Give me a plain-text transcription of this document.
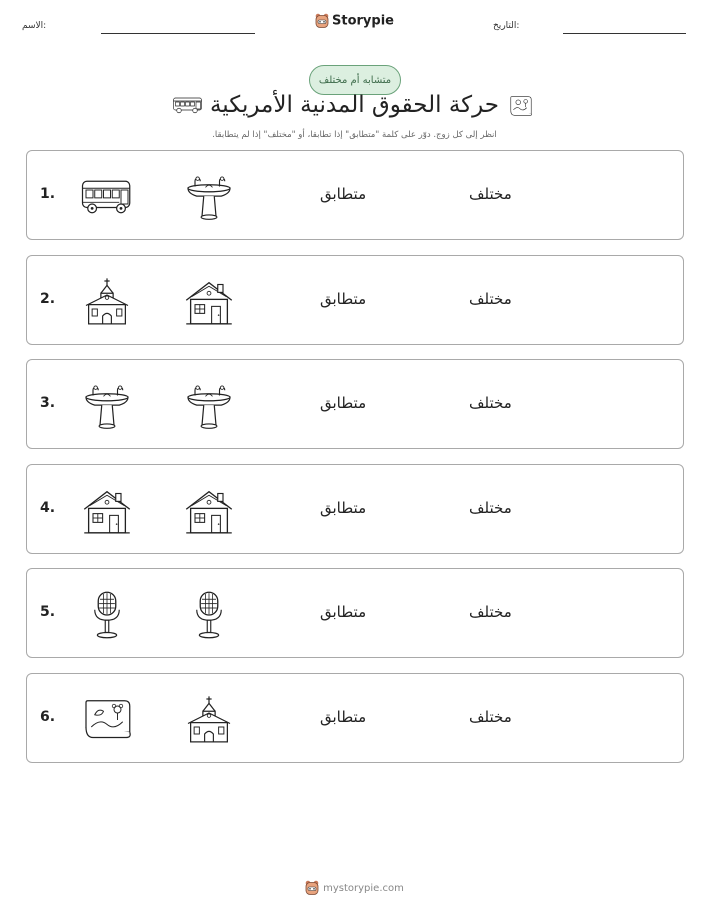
الاسم:	Storypie	التاريخ:
متشابه أم مختلف
حركة الحقوق المدنية الأمريكية
انظر إلى كل زوج. دوّر على كلمة "متطابق" إذا تطابقا، أو "مختلف" إذا لم يتطابقا.
1.	متطابق	مختلف
2.	متطابق	مختلف
3.	متطابق	مختلف
4.	متطابق	مختلف
5.	متطابق	مختلف
6.	متطابق	مختلف
mystorypie.com
